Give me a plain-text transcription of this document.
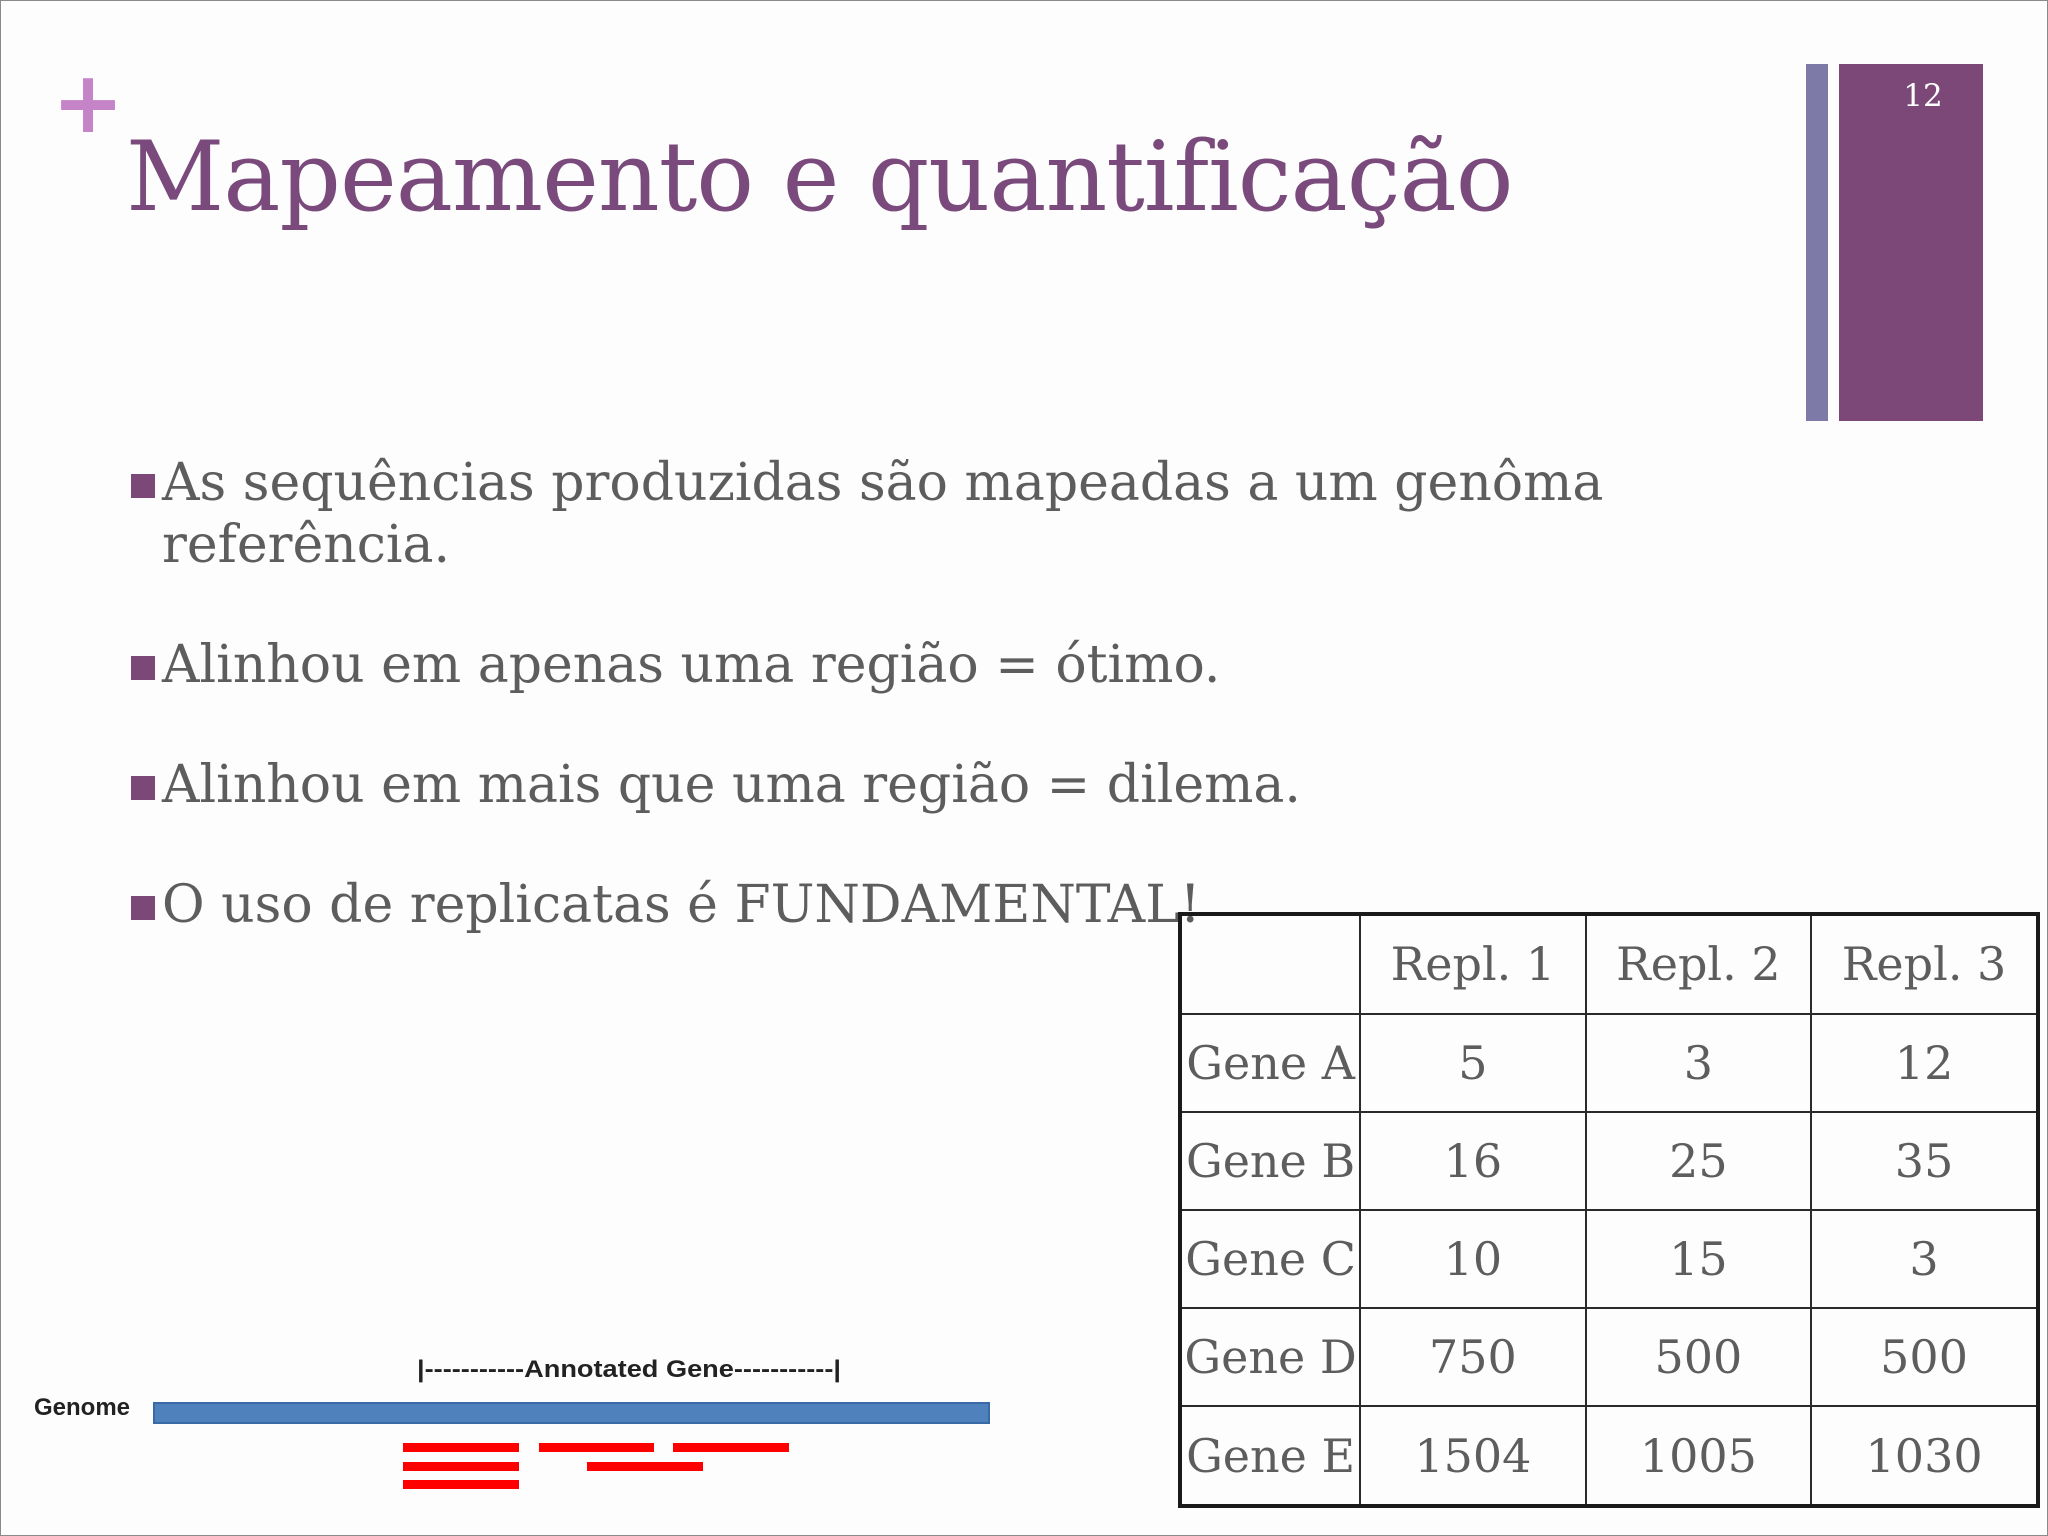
+
Mapeamento e quantificação
12
As sequências produzidas são mapeadas a um genôma referência.
Alinhou em apenas uma região = ótimo.
Alinhou em mais que uma região = dilema.
O uso de replicatas é FUNDAMENTAL!
	Repl. 1	Repl. 2	Repl. 3
Gene A	5	3	12
Gene B	16	25	35
Gene C	10	15	3
Gene D	750	500	500
Gene E	1504	1005	1030
Genome
|-----------Annotated Gene-----------|
